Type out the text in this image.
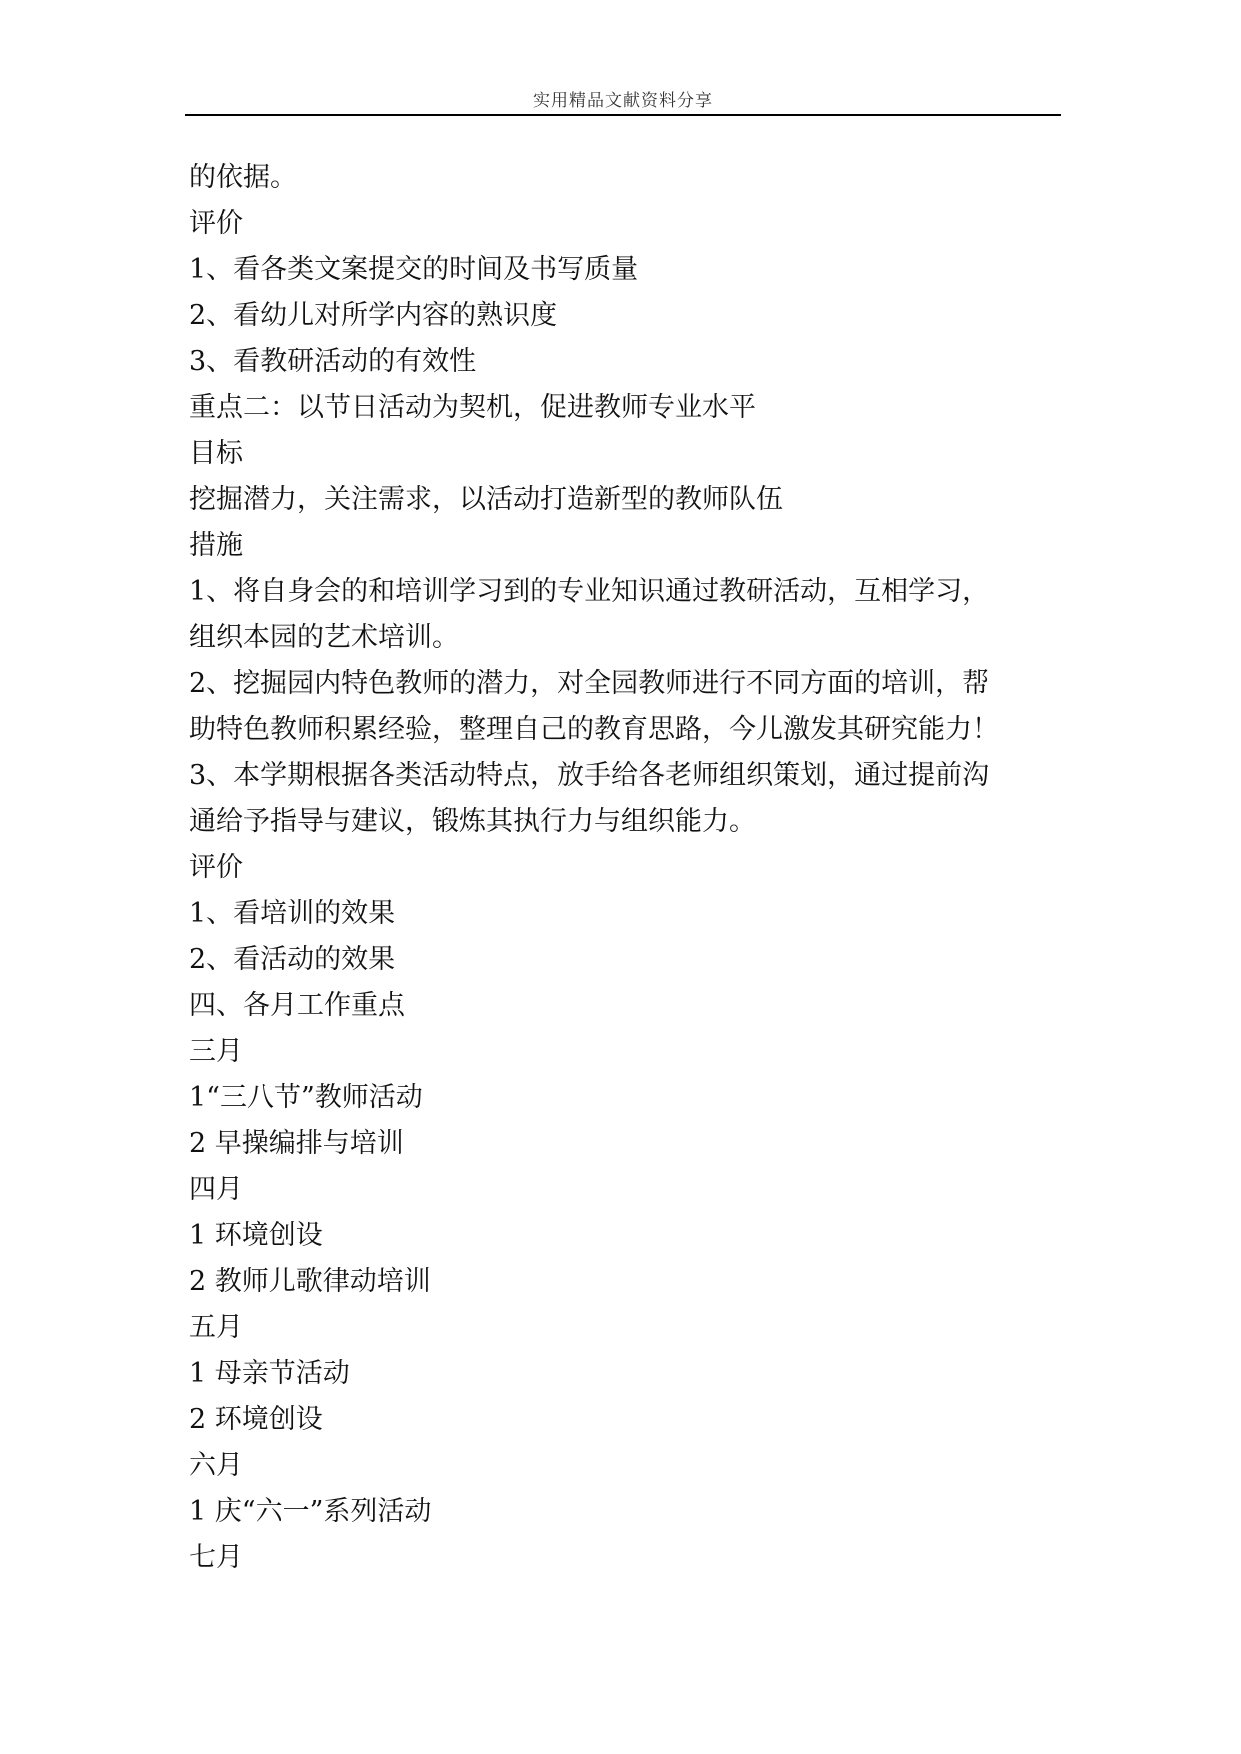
实用精品文献资料分享
的依据。
评价
1、看各类文案提交的时间及书写质量
2、看幼儿对所学内容的熟识度
3、看教研活动的有效性
重点二：以节日活动为契机，促进教师专业水平
目标
挖掘潜力，关注需求，以活动打造新型的教师队伍
措施
1、将自身会的和培训学习到的专业知识通过教研活动，互相学习，
组织本园的艺术培训。
2、挖掘园内特色教师的潜力，对全园教师进行不同方面的培训，帮
助特色教师积累经验，整理自己的教育思路，今儿激发其研究能力！
3、本学期根据各类活动特点，放手给各老师组织策划，通过提前沟
通给予指导与建议，锻炼其执行力与组织能力。
评价
1、看培训的效果
2、看活动的效果
四、各月工作重点
三月
1“三八节”教师活动
2 早操编排与培训
四月
1 环境创设
2 教师儿歌律动培训
五月
1 母亲节活动
2 环境创设
六月
1 庆“六一”系列活动
七月
